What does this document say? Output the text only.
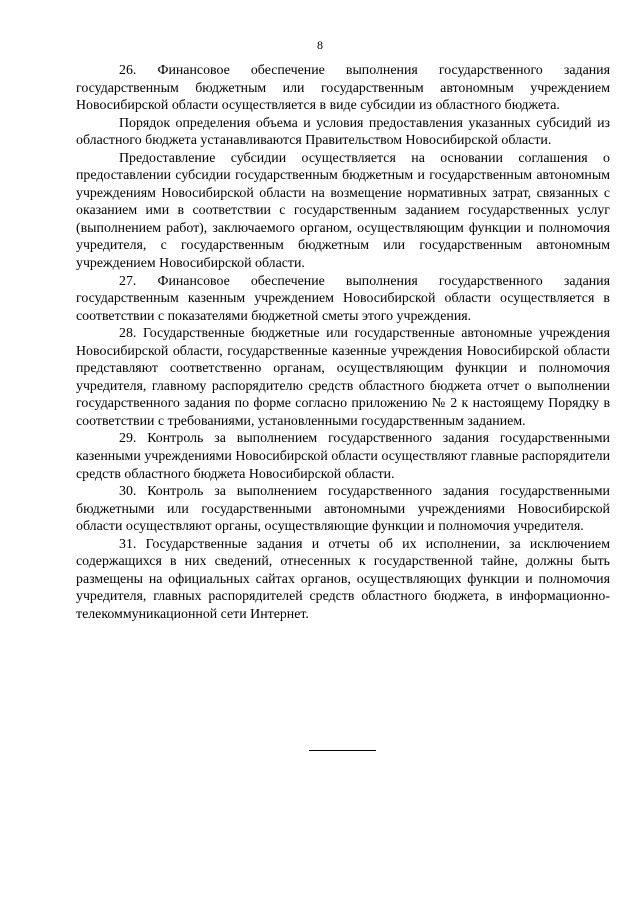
8

26. Финансовое обеспечение выполнения государственного задания государственным бюджетным или государственным автономным учреждением Новосибирской области осуществляется в виде субсидии из областного бюджета.

Порядок определения объема и условия предоставления указанных субсидий из областного бюджета устанавливаются Правительством Новосибирской области.

Предоставление субсидии осуществляется на основании соглашения о предоставлении субсидии государственным бюджетным и государственным автономным учреждениям Новосибирской области на возмещение нормативных затрат, связанных с оказанием ими в соответствии с государственным заданием государственных услуг (выполнением работ), заключаемого органом, осуществляющим функции и полномочия учредителя, с государственным бюджетным или государственным автономным учреждением Новосибирской области.

27. Финансовое обеспечение выполнения государственного задания государственным казенным учреждением Новосибирской области осуществляется в соответствии с показателями бюджетной сметы этого учреждения.

28. Государственные бюджетные или государственные автономные учреждения Новосибирской области, государственные казенные учреждения Новосибирской области представляют соответственно органам, осуществляющим функции и полномочия учредителя, главному распорядителю средств областного бюджета отчет о выполнении государственного задания по форме согласно приложению № 2 к настоящему Порядку в соответствии с требованиями, установленными государственным заданием.

29. Контроль за выполнением государственного задания государственными казенными учреждениями Новосибирской области осуществляют главные распорядители средств областного бюджета Новосибирской области.

30. Контроль за выполнением государственного задания государственными бюджетными или государственными автономными учреждениями Новосибирской области осуществляют органы, осуществляющие функции и полномочия учредителя.

31. Государственные задания и отчеты об их исполнении, за исключением содержащихся в них сведений, отнесенных к государственной тайне, должны быть размещены на официальных сайтах органов, осуществляющих функции и полномочия учредителя, главных распорядителей средств областного бюджета, в информационно-телекоммуникационной сети Интернет.
